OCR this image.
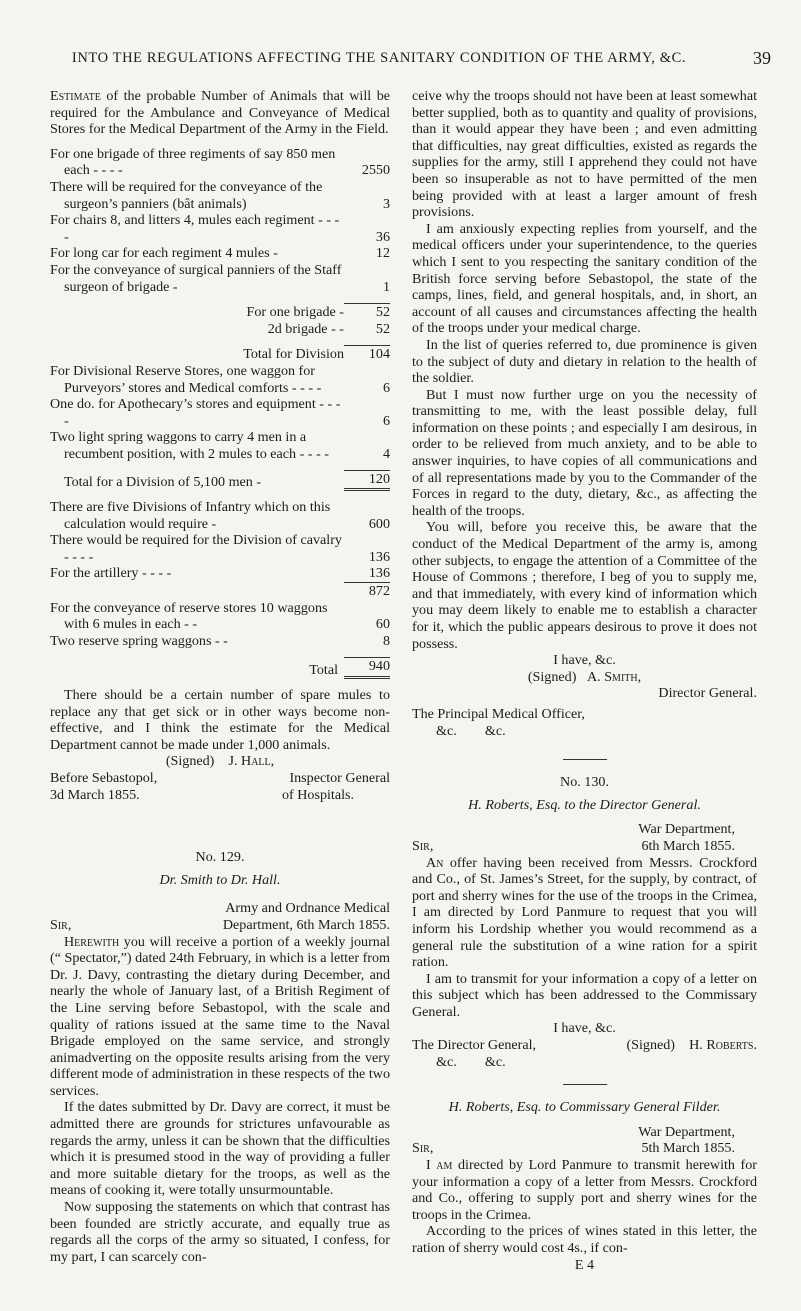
INTO THE REGULATIONS AFFECTING THE SANITARY CONDITION OF THE ARMY, &C.	39

Estimate of the probable Number of Animals that will be required for the Ambulance and Conveyance of Medical Stores for the Medical Department of the Army in the Field.

For one brigade of three regiments of say 850 men each - - - -	2550
There will be required for the conveyance of the surgeon’s panniers (bât animals)	3
For chairs 8, and litters 4, mules each regiment - - - -	36
For long car for each regiment 4 mules -	12
For the conveyance of surgical panniers of the Staff surgeon of brigade -	1
For one brigade -	52
2d brigade - -	52
Total for Division	104
For Divisional Reserve Stores, one waggon for Purveyors’ stores and Medical comforts - - - -	6
One do. for Apothecary’s stores and equipment - - - -	6
Two light spring waggons to carry 4 men in a recumbent position, with 2 mules to each - - - -	4
Total for a Division of 5,100 men -	120
There are five Divisions of Infantry which on this calculation would require -	600
There would be required for the Division of cavalry - - - -	136
For the artillery - - - -	136
872
For the conveyance of reserve stores 10 waggons with 6 mules in each - -	60
Two reserve spring waggons - -	8
Total	940

There should be a certain number of spare mules to replace any that get sick or in other ways become non-effective, and I think the estimate for the Medical Department cannot be made under 1,000 animals.

(Signed) J. Hall,
Before Sebastopol,	Inspector General
3d March 1855.	of Hospitals.
No. 129.
Dr. Smith to Dr. Hall.
Army and Ordnance Medical
Sir,	Department, 6th March 1855.

Herewith you will receive a portion of a weekly journal (“ Spectator,”) dated 24th February, in which is a letter from Dr. J. Davy, contrasting the dietary during December, and nearly the whole of January last, of a British Regiment of the Line serving before Sebastopol, with the scale and quality of rations issued at the same time to the Naval Brigade employed on the same service, and strongly animadverting on the opposite results arising from the very different mode of administration in these respects of the two services.

If the dates submitted by Dr. Davy are correct, it must be admitted there are grounds for strictures unfavourable as regards the army, unless it can be shown that the difficulties which it is presumed stood in the way of providing a fuller and more suitable dietary for the troops, as well as the means of cooking it, were totally unsurmountable.

Now supposing the statements on which that contrast has been founded are strictly accurate, and equally true as regards all the corps of the army so situated, I confess, for my part, I can scarcely con-

ceive why the troops should not have been at least somewhat better supplied, both as to quantity and quality of provisions, than it would appear they have been ; and even admitting that difficulties, nay great difficulties, existed as regards the supplies for the army, still I apprehend they could not have been so insuperable as not to have permitted of the men being provided with at least a larger amount of fresh provisions.

I am anxiously expecting replies from yourself, and the medical officers under your superintendence, to the queries which I sent to you respecting the sanitary condition of the British force serving before Sebastopol, the state of the camps, lines, field, and general hospitals, and, in short, an account of all causes and circumstances affecting the health of the troops under your medical charge.

In the list of queries referred to, due prominence is given to the subject of duty and dietary in relation to the health of the soldier.

But I must now further urge on you the necessity of transmitting to me, with the least possible delay, full information on these points ; and especially I am desirous, in order to be relieved from much anxiety, and to be able to answer inquiries, to have copies of all communications and of all representations made by you to the Commander of the Forces in regard to the duty, dietary, &c., as affecting the health of the troops.

You will, before you receive this, be aware that the conduct of the Medical Department of the army is, among other subjects, to engage the attention of a Committee of the House of Commons ; therefore, I beg of you to supply me, and that immediately, with every kind of information which you may deem likely to enable me to establish a character for it, which the public appears desirous to prove it does not possess.

I have, &c.
(Signed) A. Smith,
Director General.
The Principal Medical Officer,
&c.        &c.
No. 130.
H. Roberts, Esq. to the Director General.
War Department,
Sir,	6th March 1855.

An offer having been received from Messrs. Crockford and Co., of St. James’s Street, for the supply, by contract, of port and sherry wines for the use of the troops in the Crimea, I am directed by Lord Panmure to request that you will inform his Lordship whether you would recommend as a general rule the substitution of a wine ration for a spirit ration.

I am to transmit for your information a copy of a letter on this subject which has been addressed to the Commissary General.

I have, &c.
The Director General,	(Signed) H. Roberts.
&c.        &c.
H. Roberts, Esq. to Commissary General Filder.
War Department,
Sir,	5th March 1855.

I am directed by Lord Panmure to transmit herewith for your information a copy of a letter from Messrs. Crockford and Co., offering to supply port and sherry wines for the troops in the Crimea.

According to the prices of wines stated in this letter, the ration of sherry would cost 4s., if con-

E 4
